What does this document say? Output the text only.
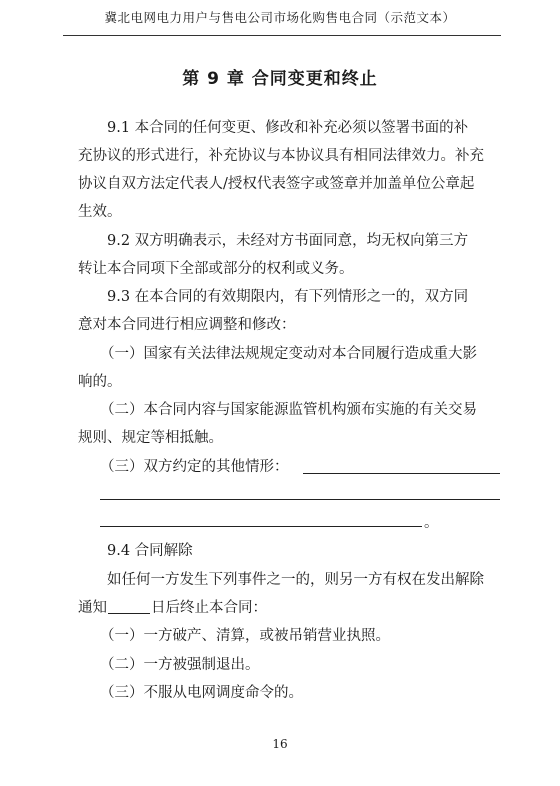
冀北电网电力用户与售电公司市场化购售电合同（示范文本）
第 9 章 合同变更和终止
9.1 本合同的任何变更、修改和补充必须以签署书面的补
充协议的形式进行，补充协议与本协议具有相同法律效力。补充
协议自双方法定代表人/授权代表签字或签章并加盖单位公章起
生效。
9.2 双方明确表示，未经对方书面同意，均无权向第三方
转让本合同项下全部或部分的权利或义务。
9.3 在本合同的有效期限内，有下列情形之一的，双方同
意对本合同进行相应调整和修改：
（一）国家有关法律法规规定变动对本合同履行造成重大影
响的。
（二）本合同内容与国家能源监管机构颁布实施的有关交易
规则、规定等相抵触。
（三）双方约定的其他情形：
。
9.4 合同解除
如任何一方发生下列事件之一的，则另一方有权在发出解除
通知	日后终止本合同：
（一）一方破产、清算，或被吊销营业执照。
（二）一方被强制退出。
（三）不服从电网调度命令的。
16
